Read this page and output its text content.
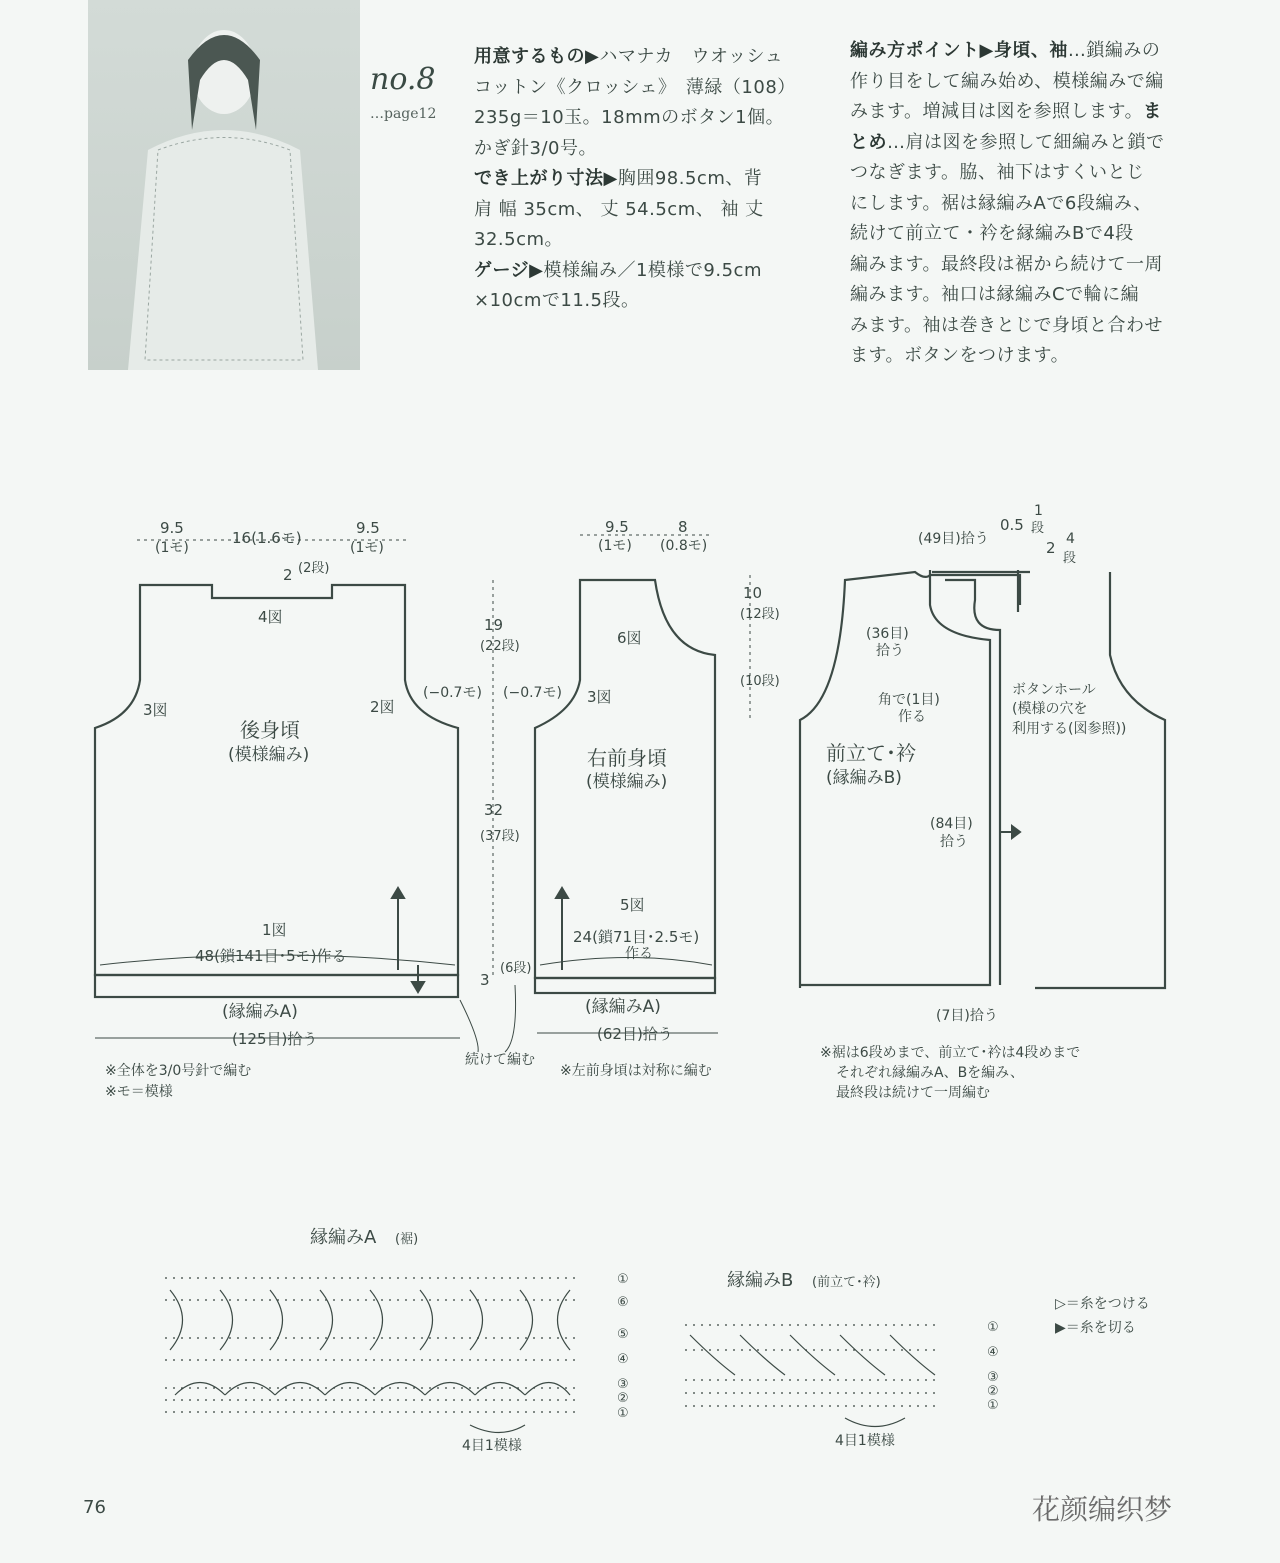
no.8
…page12
用意するもの▶ハマナカ　ウオッシュ
コットン《クロッシェ》　薄緑（108）
235g＝10玉。18mmのボタン1個。
かぎ針3/0号。
でき上がり寸法▶胸囲98.5cm、背
肩 幅 35cm、 丈 54.5cm、 袖 丈
32.5cm。
ゲージ▶模様編み／1模様で9.5cm
×10cmで11.5段。
編み方ポイント▶身頃、袖…鎖編みの
作り目をして編み始め、模様編みで編
みます。増減目は図を参照します。ま
とめ…肩は図を参照して細編みと鎖で
つなぎます。脇、袖下はすくいとじ
にします。裾は縁編みAで6段編み、
続けて前立て・衿を縁編みBで4段
編みます。最終段は裾から続けて一周
編みます。袖口は縁編みCで輪に編
みます。袖は巻きとじで身頃と合わせ
ます。ボタンをつけます。
9.5
(1モ)
16(1.6モ)
9.5
(1モ)
2 (2段)
4図
3図	2図
後身頃
(模様編み)
1図
48(鎖141目･5モ)作る
(縁編みA)
(125目)拾う
19
(22段)
32
(37段)
3
(6段)
(−0.7モ)
続けて編む
9.5
(1モ)
8
(0.8モ)
(−0.7モ)
6図
3図
右前身頃
(模様編み)
5図
24(鎖71目･2.5モ)
作る
(縁編みA)
(62目)拾う
10
(12段)
(10段)
※左前身頃は対称に編む
(49目)拾う
0.5
1
段
2 4
段
(36目)
拾う
角で(1目)
作る
ボタンホール
(模様の穴を
利用する(図参照))
前立て･衿
(縁編みB)
(84目)
拾う
(7目)拾う
※裾は6段めまで、前立て･衿は4段めまで
それぞれ縁編みA、Bを編み、
最終段は続けて一周編む
※全体を3/0号針で編む
※モ＝模様
縁編みA (裾)
①
⑥
⑤
④
③
②
①
4目1模様
縁編みB (前立て･衿)
①
④
③
②
①
4目1模様
▷＝糸をつける
▶＝糸を切る
76	花颜编织梦
